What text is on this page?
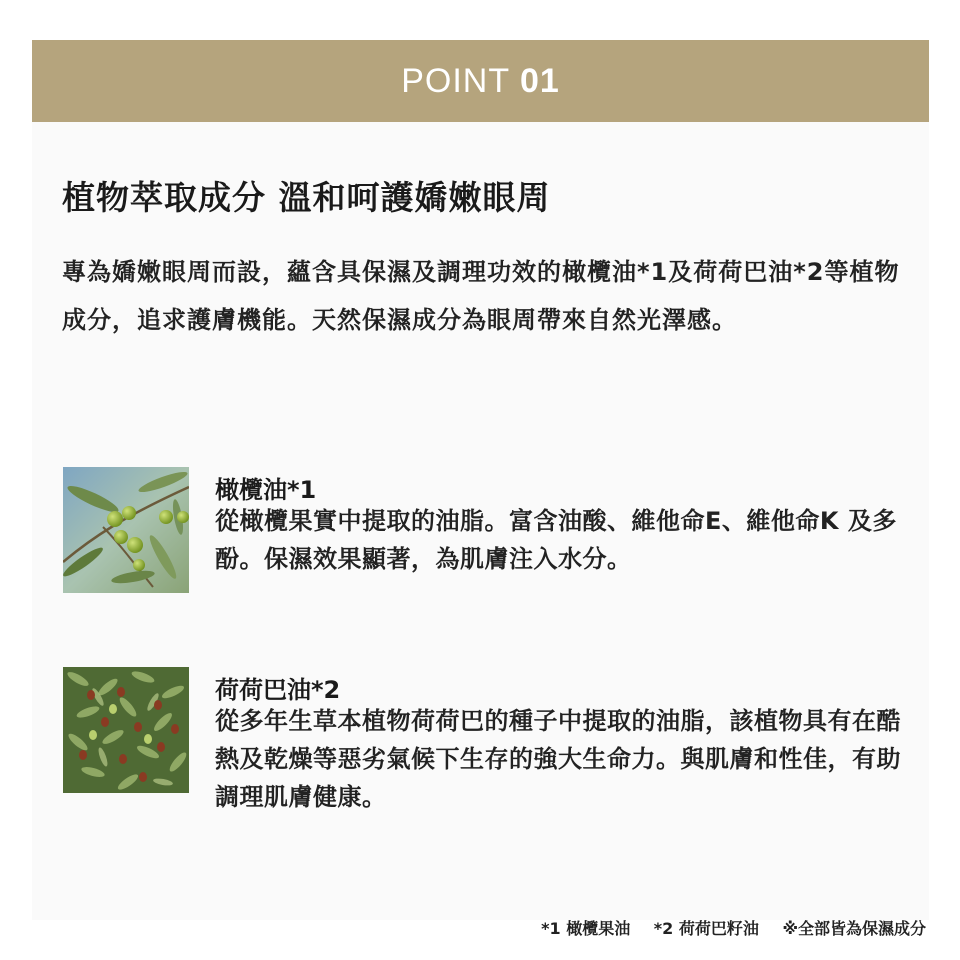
POINT 01
植物萃取成分 溫和呵護嬌嫩眼周
專為嬌嫩眼周而設，蘊含具保濕及調理功效的橄欖油*1及荷荷巴油*2等植物成分，追求護膚機能。天然保濕成分為眼周帶來自然光澤感。
橄欖油*1
從橄欖果實中提取的油脂。富含油酸、維他命E、維他命K 及多酚。保濕效果顯著，為肌膚注入水分。
荷荷巴油*2
從多年生草本植物荷荷巴的種子中提取的油脂，該植物具有在酷熱及乾燥等惡劣氣候下生存的強大生命力。與肌膚和性佳，有助調理肌膚健康。
*1 橄欖果油 *2 荷荷巴籽油 ※全部皆為保濕成分
